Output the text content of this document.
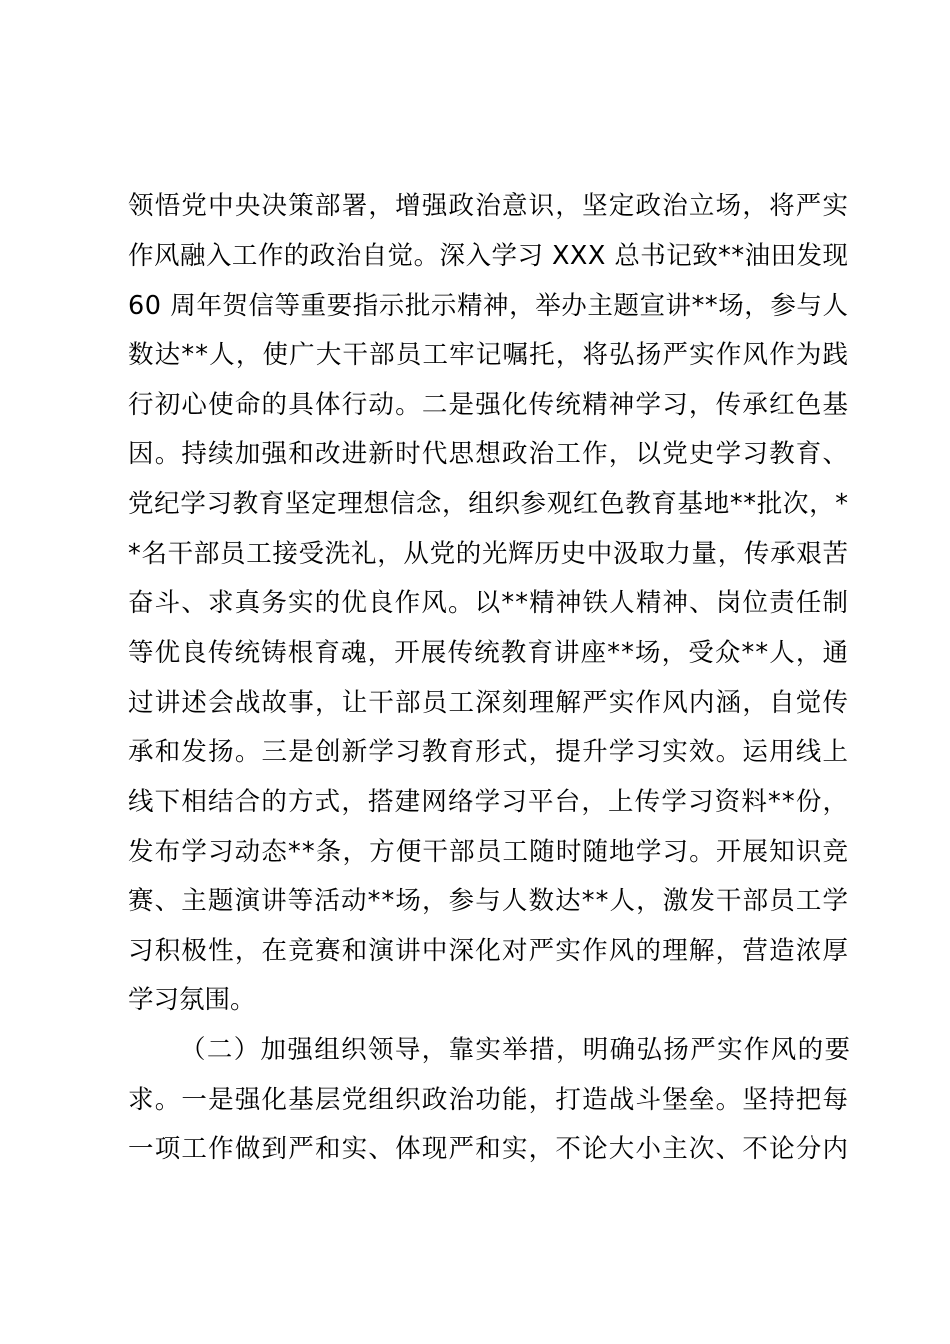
领悟党中央决策部署，增强政治意识，坚定政治立场，将严实
作风融入工作的政治自觉。深入学习 XXX 总书记致**油田发现
60 周年贺信等重要指示批示精神，举办主题宣讲**场，参与人
数达**人，使广大干部员工牢记嘱托，将弘扬严实作风作为践
行初心使命的具体行动。二是强化传统精神学习，传承红色基
因。持续加强和改进新时代思想政治工作，以党史学习教育、
党纪学习教育坚定理想信念，组织参观红色教育基地**批次，*
*名干部员工接受洗礼，从党的光辉历史中汲取力量，传承艰苦
奋斗、求真务实的优良作风。以**精神铁人精神、岗位责任制
等优良传统铸根育魂，开展传统教育讲座**场，受众**人，通
过讲述会战故事，让干部员工深刻理解严实作风内涵，自觉传
承和发扬。三是创新学习教育形式，提升学习实效。运用线上
线下相结合的方式，搭建网络学习平台，上传学习资料**份，
发布学习动态**条，方便干部员工随时随地学习。开展知识竞
赛、主题演讲等活动**场，参与人数达**人，激发干部员工学
习积极性，在竞赛和演讲中深化对严实作风的理解，营造浓厚
学习氛围。
（二）加强组织领导，靠实举措，明确弘扬严实作风的要
求。一是强化基层党组织政治功能，打造战斗堡垒。坚持把每
一项工作做到严和实、体现严和实，不论大小主次、不论分内
